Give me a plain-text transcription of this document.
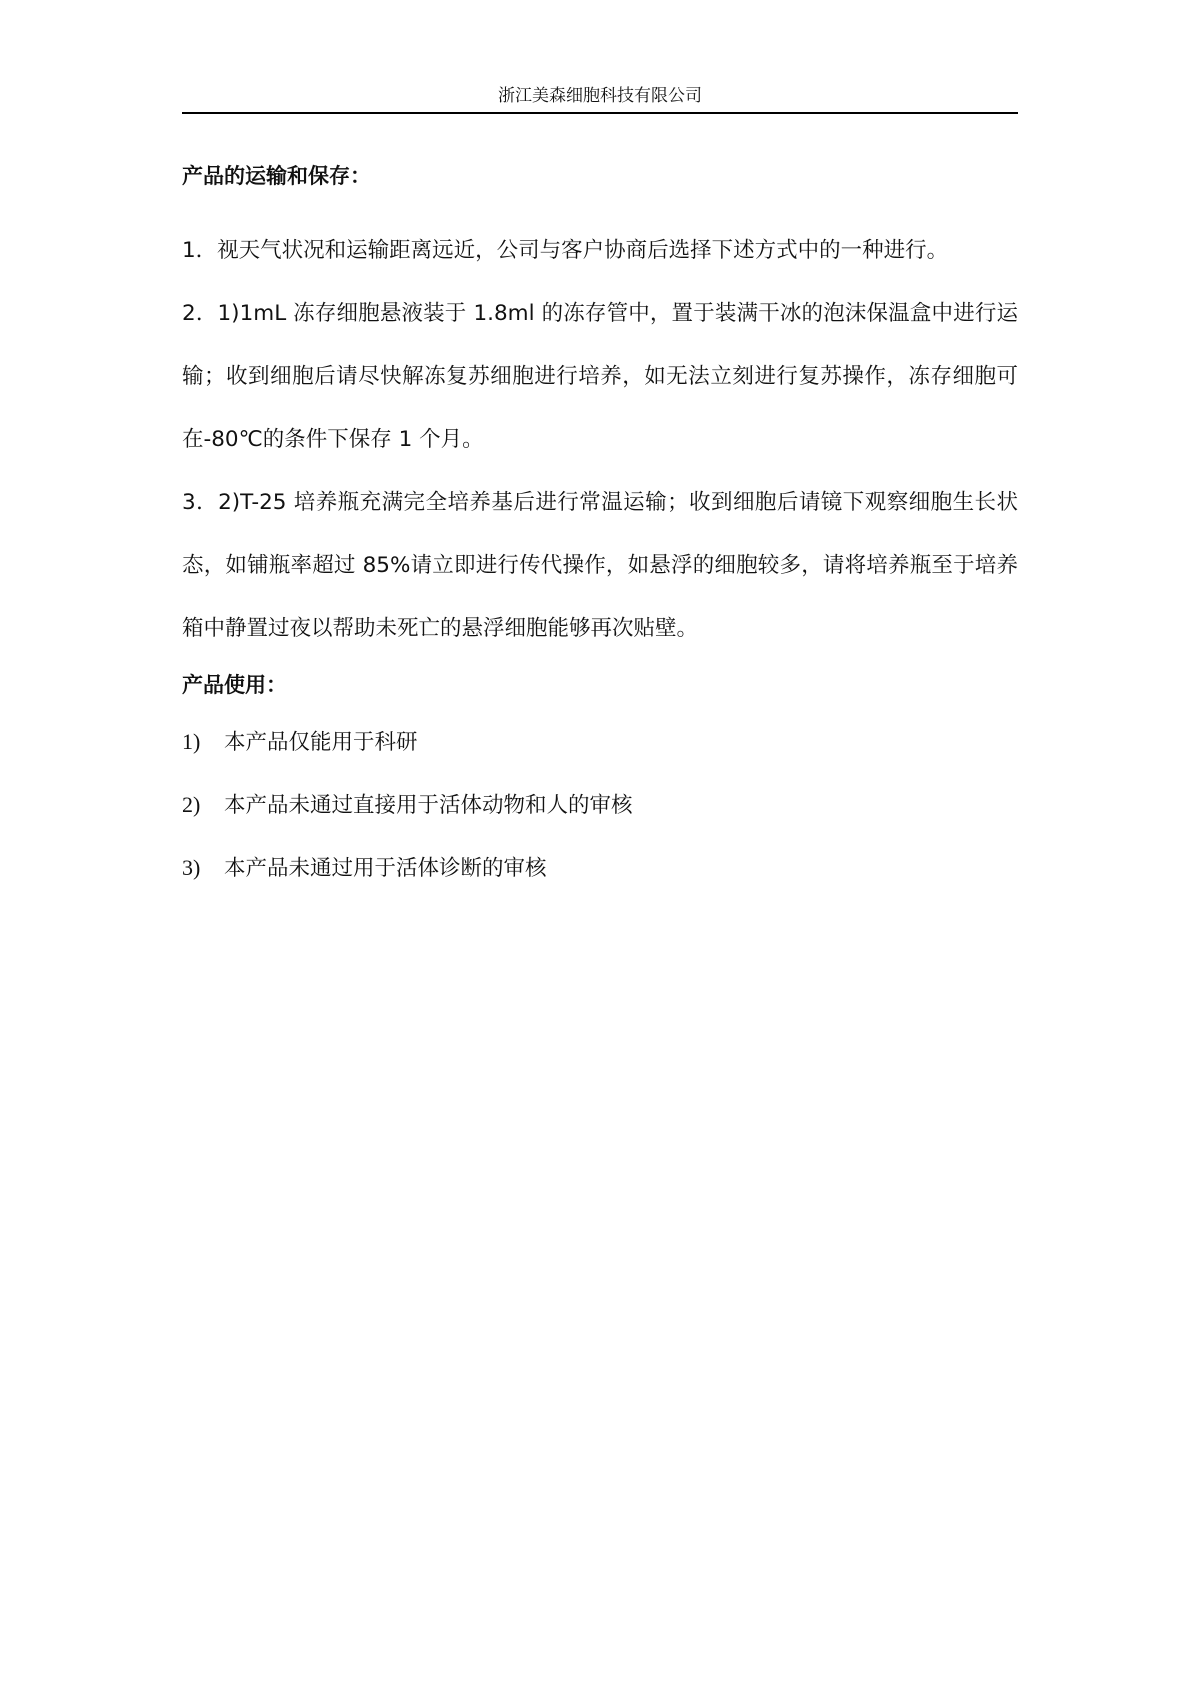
浙江美森细胞科技有限公司
产品的运输和保存：

1．视天气状况和运输距离远近，公司与客户协商后选择下述方式中的一种进行。

2．1)1mL 冻存细胞悬液装于 1.8ml 的冻存管中，置于装满干冰的泡沫保温盒中进行运输；收到细胞后请尽快解冻复苏细胞进行培养，如无法立刻进行复苏操作，冻存细胞可在-80℃的条件下保存 1 个月。

3．2)T-25 培养瓶充满完全培养基后进行常温运输；收到细胞后请镜下观察细胞生长状态，如铺瓶率超过 85%请立即进行传代操作，如悬浮的细胞较多，请将培养瓶至于培养箱中静置过夜以帮助未死亡的悬浮细胞能够再次贴壁。

产品使用：
1) 本产品仅能用于科研
2) 本产品未通过直接用于活体动物和人的审核
3) 本产品未通过用于活体诊断的审核
